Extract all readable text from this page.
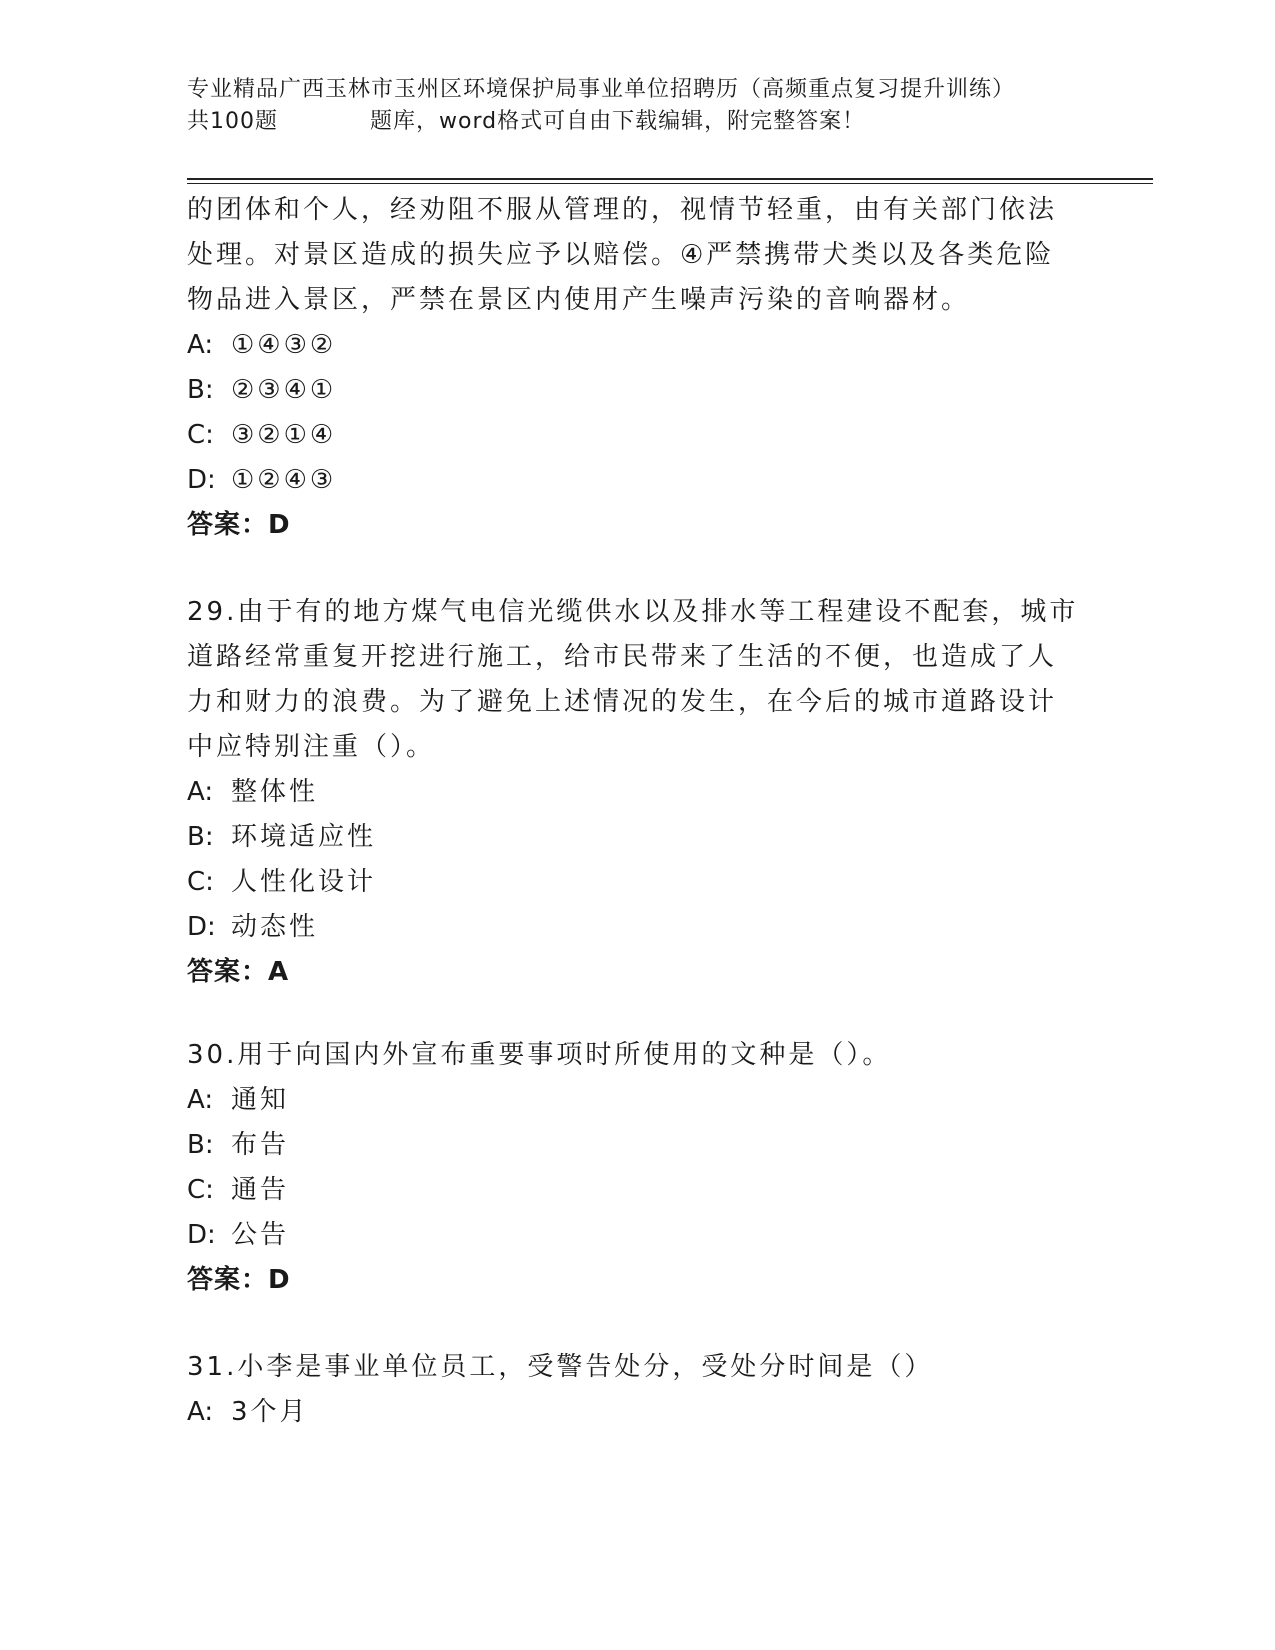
专业精品广西玉林市玉州区环境保护局事业单位招聘历（高频重点复习提升训练）
共100题	题库，word格式可自由下载编辑，附完整答案！
的团体和个人，经劝阻不服从管理的，视情节轻重，由有关部门依法
处理。对景区造成的损失应予以赔偿。④严禁携带犬类以及各类危险
物品进入景区，严禁在景区内使用产生噪声污染的音响器材。
A: ①④③②
B: ②③④①
C: ③②①④
D: ①②④③
答案：D
29.由于有的地方煤气电信光缆供水以及排水等工程建设不配套，城市
道路经常重复开挖进行施工，给市民带来了生活的不便，也造成了人
力和财力的浪费。为了避免上述情况的发生，在今后的城市道路设计
中应特别注重（）。
A: 整体性
B: 环境适应性
C: 人性化设计
D: 动态性
答案：A
30.用于向国内外宣布重要事项时所使用的文种是（）。
A: 通知
B: 布告
C: 通告
D: 公告
答案：D
31.小李是事业单位员工，受警告处分，受处分时间是（）
A: 3个月
